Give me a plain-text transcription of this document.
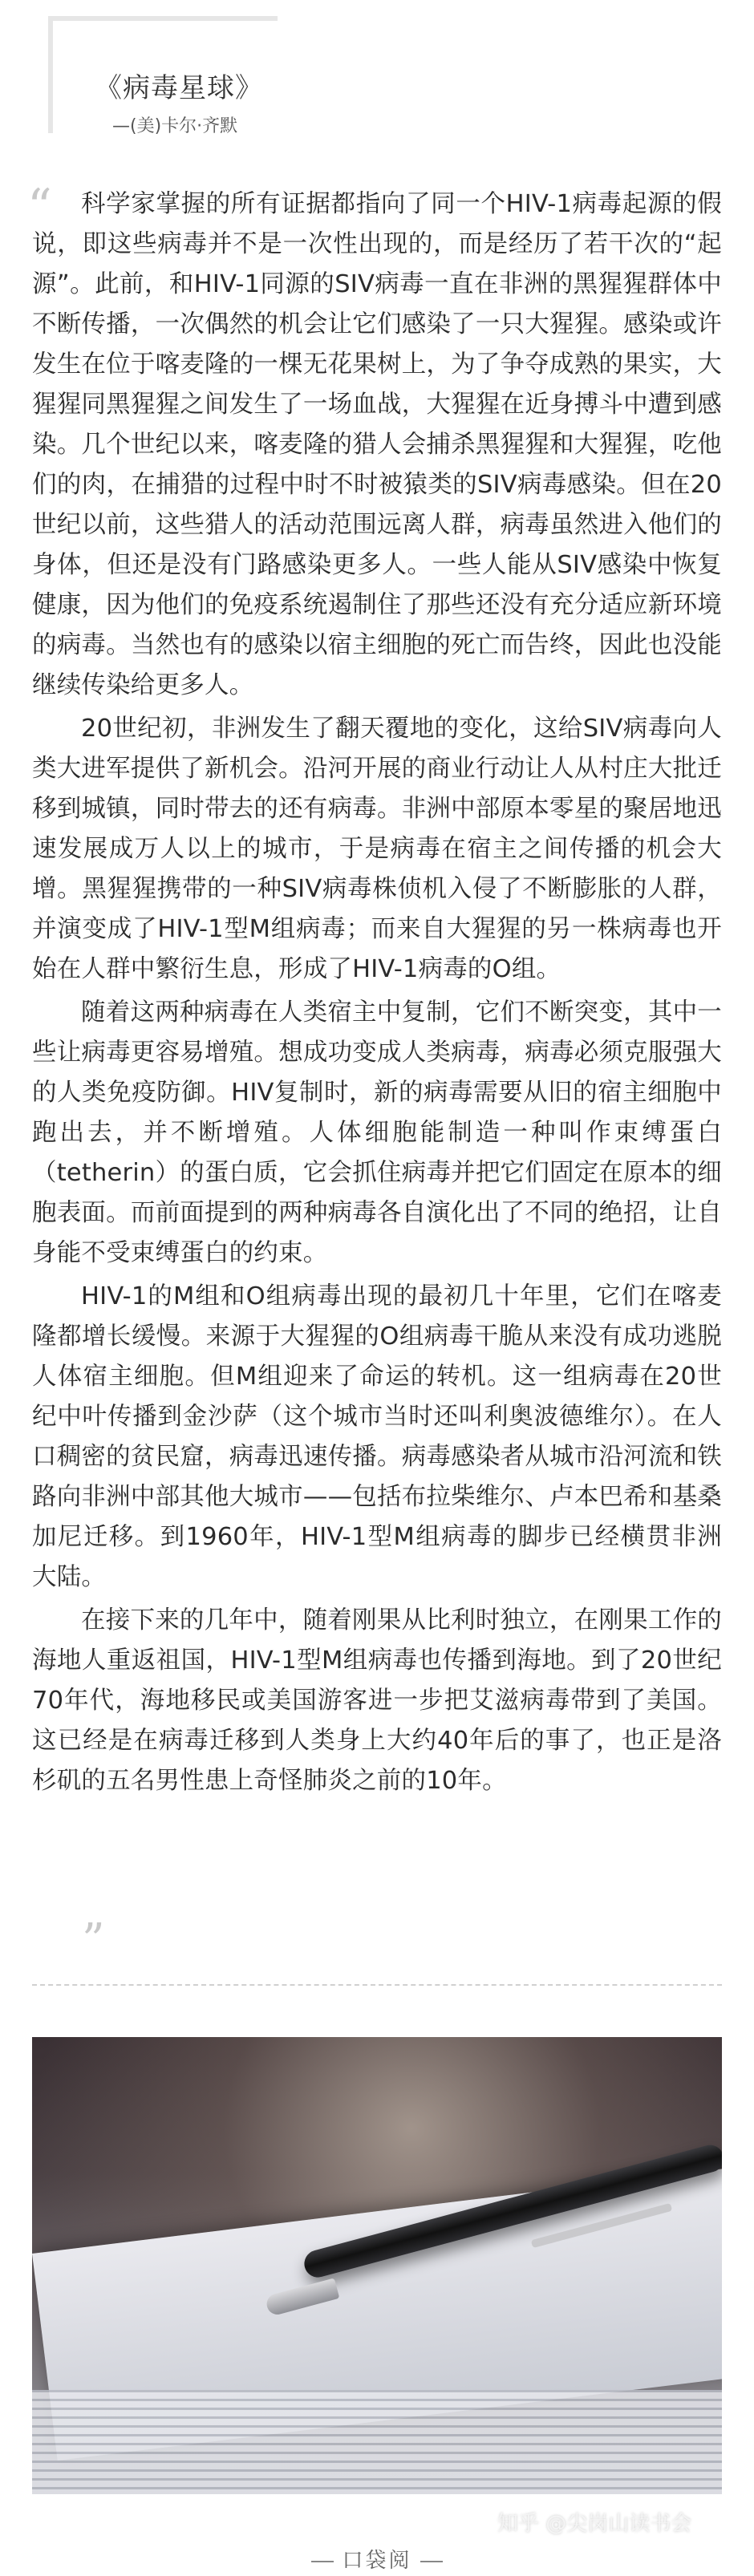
《病毒星球》
—(美)卡尔·齐默
“	科学家掌握的所有证据都指向了同一个HIV-1病毒起源的假说，即这些病毒并不是一次性出现的，而是经历了若干次的“起源”。此前，和HIV-1同源的SIV病毒一直在非洲的黑猩猩群体中不断传播，一次偶然的机会让它们感染了一只大猩猩。感染或许发生在位于喀麦隆的一棵无花果树上，为了争夺成熟的果实，大猩猩同黑猩猩之间发生了一场血战，大猩猩在近身搏斗中遭到感染。几个世纪以来，喀麦隆的猎人会捕杀黑猩猩和大猩猩，吃他们的肉，在捕猎的过程中时不时被猿类的SIV病毒感染。但在20世纪以前，这些猎人的活动范围远离人群，病毒虽然进入他们的身体，但还是没有门路感染更多人。一些人能从SIV感染中恢复健康，因为他们的免疫系统遏制住了那些还没有充分适应新环境的病毒。当然也有的感染以宿主细胞的死亡而告终，因此也没能继续传染给更多人。

20世纪初，非洲发生了翻天覆地的变化，这给SIV病毒向人类大进军提供了新机会。沿河开展的商业行动让人从村庄大批迁移到城镇，同时带去的还有病毒。非洲中部原本零星的聚居地迅速发展成万人以上的城市，于是病毒在宿主之间传播的机会大增。黑猩猩携带的一种SIV病毒株侦机入侵了不断膨胀的人群，并演变成了HIV-1型M组病毒；而来自大猩猩的另一株病毒也开始在人群中繁衍生息，形成了HIV-1病毒的O组。

随着这两种病毒在人类宿主中复制，它们不断突变，其中一些让病毒更容易增殖。想成功变成人类病毒，病毒必须克服强大的人类免疫防御。HIV复制时，新的病毒需要从旧的宿主细胞中跑出去，并不断增殖。人体细胞能制造一种叫作束缚蛋白（tetherin）的蛋白质，它会抓住病毒并把它们固定在原本的细胞表面。而前面提到的两种病毒各自演化出了不同的绝招，让自身能不受束缚蛋白的约束。

HIV-1的M组和O组病毒出现的最初几十年里，它们在喀麦隆都增长缓慢。来源于大猩猩的O组病毒干脆从来没有成功逃脱人体宿主细胞。但M组迎来了命运的转机。这一组病毒在20世纪中叶传播到金沙萨（这个城市当时还叫利奥波德维尔）。在人口稠密的贫民窟，病毒迅速传播。病毒感染者从城市沿河流和铁路向非洲中部其他大城市——包括布拉柴维尔、卢本巴希和基桑加尼迁移。到1960年，HIV-1型M组病毒的脚步已经横贯非洲大陆。

在接下来的几年中，随着刚果从比利时独立，在刚果工作的海地人重返祖国，HIV-1型M组病毒也传播到海地。到了20世纪70年代，海地移民或美国游客进一步把艾滋病毒带到了美国。这已经是在病毒迁移到人类身上大约40年后的事了，也正是洛杉矶的五名男性患上奇怪肺炎之前的10年。

”
知乎 @尖岗山读书会
口袋阅
